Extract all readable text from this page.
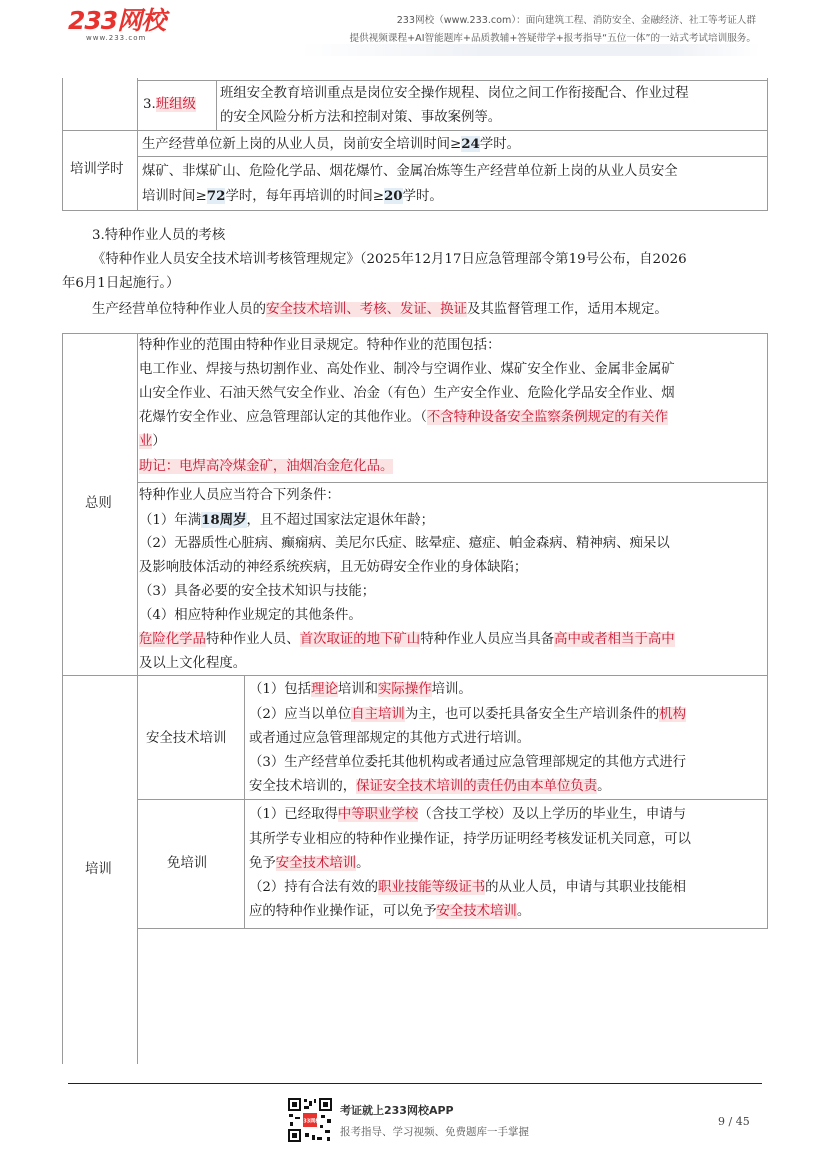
233网校
www.233.com
233网校（www.233.com）：面向建筑工程、消防安全、金融经济、社工等考证人群
提供视频课程+AI智能题库+品质教辅+答疑带学+报考指导“五位一体”的一站式考试培训服务。
3.班组级
班组安全教育培训重点是岗位安全操作规程、岗位之间工作衔接配合、作业过程
的安全风险分析方法和控制对策、事故案例等。
培训学时
生产经营单位新上岗的从业人员，岗前安全培训时间≥24学时。
煤矿、非煤矿山、危险化学品、烟花爆竹、金属冶炼等生产经营单位新上岗的从业人员安全
培训时间≥72学时，每年再培训的时间≥20学时。
3.特种作业人员的考核
《特种作业人员安全技术培训考核管理规定》（2025年12月17日应急管理部令第19号公布，自2026
年6月1日起施行。）
生产经营单位特种作业人员的安全技术培训、考核、发证、换证及其监督管理工作，适用本规定。
总则
特种作业的范围由特种作业目录规定。特种作业的范围包括：
电工作业、焊接与热切割作业、高处作业、制冷与空调作业、煤矿安全作业、金属非金属矿
山安全作业、石油天然气安全作业、冶金（有色）生产安全作业、危险化学品安全作业、烟
花爆竹安全作业、应急管理部认定的其他作业。（不含特种设备安全监察条例规定的有关作
业）
助记：电焊高冷煤金矿，油烟冶金危化品。
特种作业人员应当符合下列条件：
（1）年满18周岁，且不超过国家法定退休年龄；
（2）无器质性心脏病、癫痫病、美尼尔氏症、眩晕症、癔症、帕金森病、精神病、痴呆以
及影响肢体活动的神经系统疾病，且无妨碍安全作业的身体缺陷；
（3）具备必要的安全技术知识与技能；
（4）相应特种作业规定的其他条件。
危险化学品特种作业人员、首次取证的地下矿山特种作业人员应当具备高中或者相当于高中
及以上文化程度。
培训
安全技术培训
（1）包括理论培训和实际操作培训。
（2）应当以单位自主培训为主，也可以委托具备安全生产培训条件的机构
或者通过应急管理部规定的其他方式进行培训。
（3）生产经营单位委托其他机构或者通过应急管理部规定的其他方式进行
安全技术培训的，保证安全技术培训的责任仍由本单位负责。
免培训
（1）已经取得中等职业学校（含技工学校）及以上学历的毕业生，申请与
其所学专业相应的特种作业操作证，持学历证明经考核发证机关同意，可以
免予安全技术培训。
（2）持有合法有效的职业技能等级证书的从业人员，申请与其职业技能相
应的特种作业操作证，可以免予安全技术培训。
233网校
考证就上233网校APP
报考指导、学习视频、免费题库一手掌握
9 / 45
